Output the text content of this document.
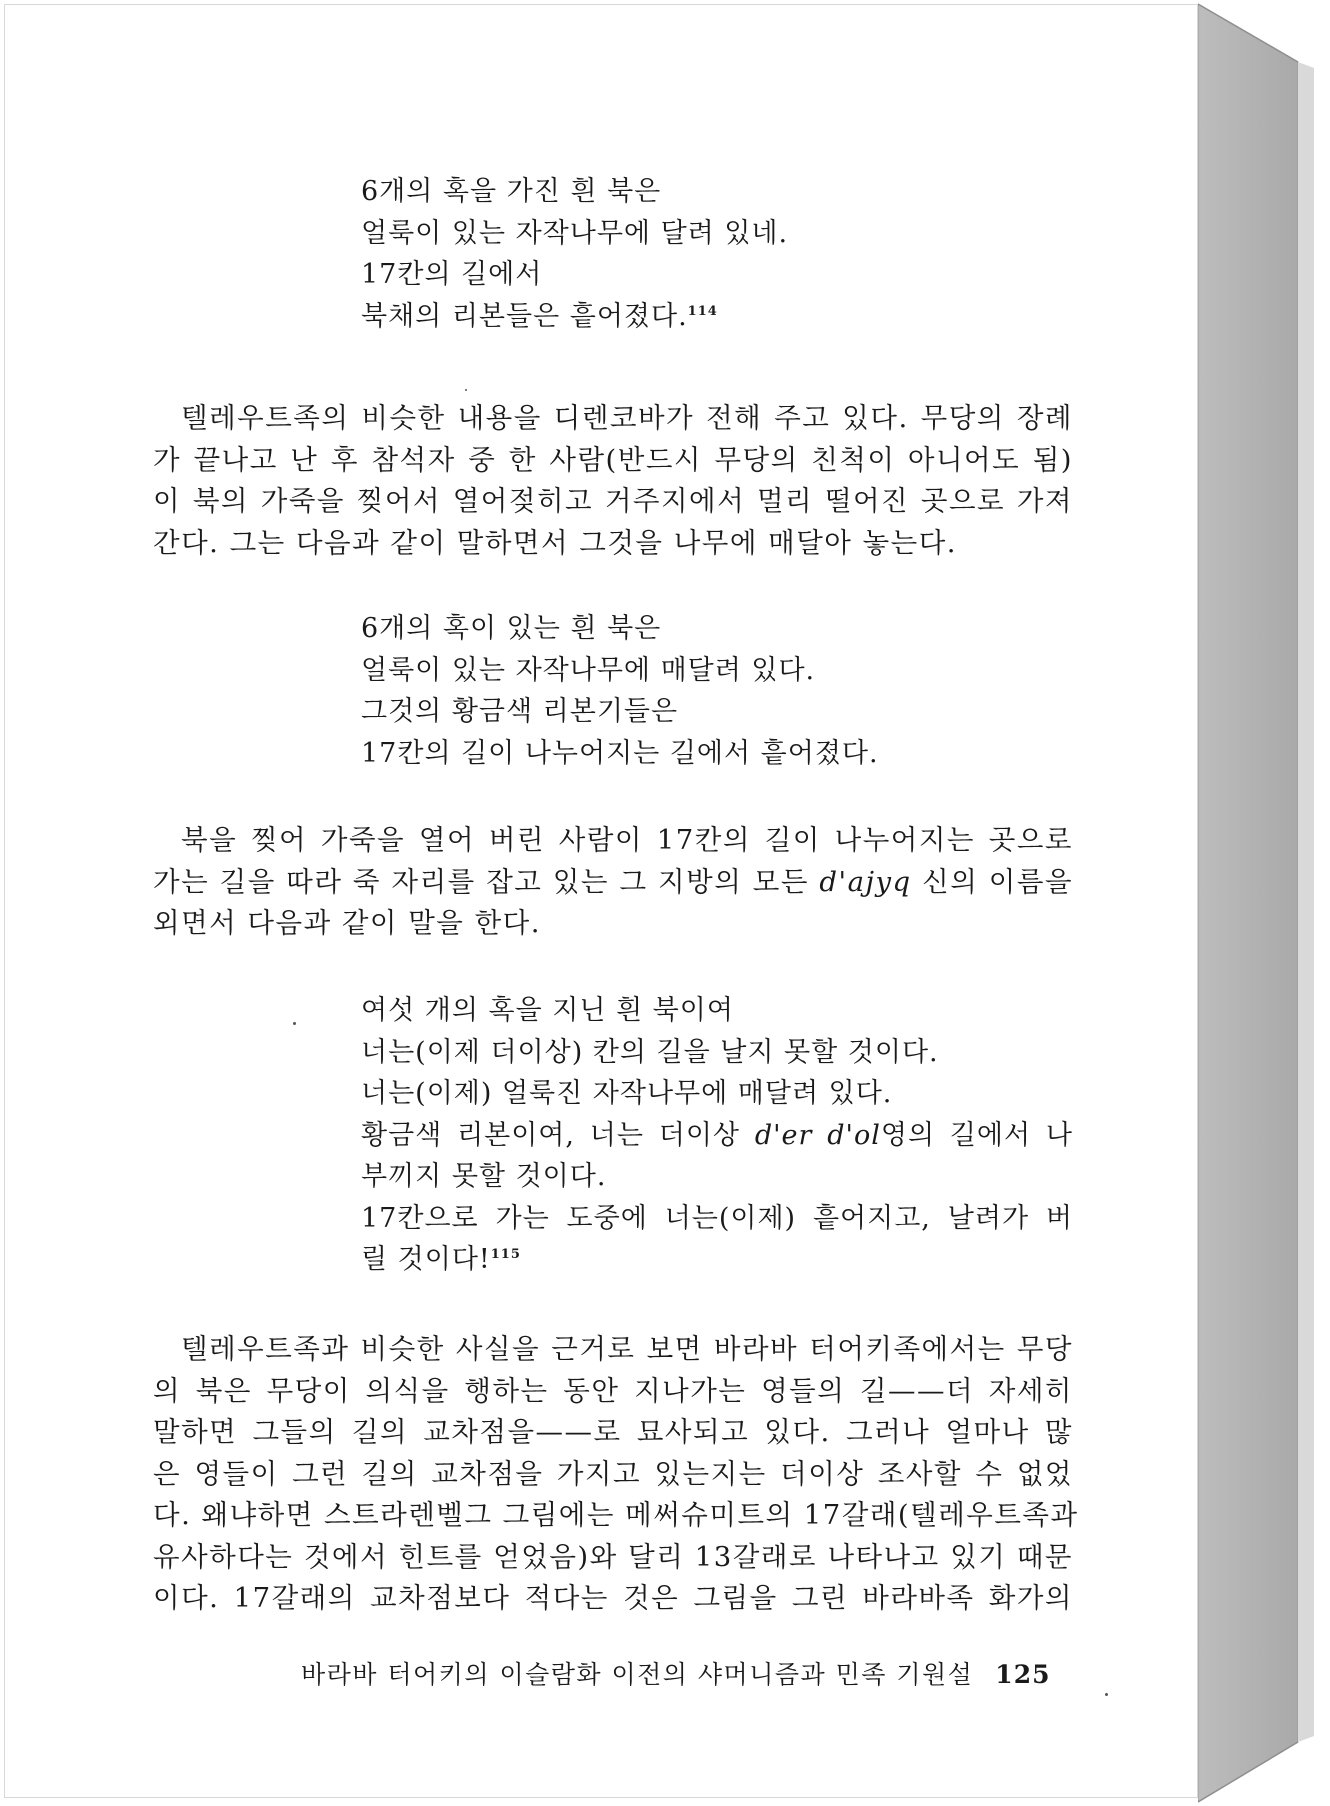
6개의 혹을 가진 흰 북은
얼룩이 있는 자작나무에 달려 있네.
17칸의 길에서
북채의 리본들은 흩어졌다.$^{114}$
텔레우트족의 비슷한 내용을 디렌코바가 전해 주고 있다. 무당의 장례
가 끝나고 난 후 참석자 중 한 사람(반드시 무당의 친척이 아니어도 됨)
이 북의 가죽을 찢어서 열어젖히고 거주지에서 멀리 떨어진 곳으로 가져
간다. 그는 다음과 같이 말하면서 그것을 나무에 매달아 놓는다.
6개의 혹이 있는 흰 북은
얼룩이 있는 자작나무에 매달려 있다.
그것의 황금색 리본기들은
17칸의 길이 나누어지는 길에서 흩어졌다.
북을 찢어 가죽을 열어 버린 사람이 17칸의 길이 나누어지는 곳으로
가는 길을 따라 죽 자리를 잡고 있는 그 지방의 모든 d'ajyq 신의 이름을
외면서 다음과 같이 말을 한다.
여섯 개의 혹을 지닌 흰 북이여
너는(이제 더이상) 칸의 길을 날지 못할 것이다.
너는(이제) 얼룩진 자작나무에 매달려 있다.
황금색 리본이여, 너는 더이상 d'er d'ol영의 길에서 나
부끼지 못할 것이다.
17칸으로 가는 도중에 너는(이제) 흩어지고, 날려가 버
릴 것이다!$^{115}$
텔레우트족과 비슷한 사실을 근거로 보면 바라바 터어키족에서는 무당
의 북은 무당이 의식을 행하는 동안 지나가는 영들의 길——더 자세히
말하면 그들의 길의 교차점을——로 묘사되고 있다. 그러나 얼마나 많
은 영들이 그런 길의 교차점을 가지고 있는지는 더이상 조사할 수 없었
다. 왜냐하면 스트라렌벨그 그림에는 메써슈미트의 17갈래(텔레우트족과
유사하다는 것에서 힌트를 얻었음)와 달리 13갈래로 나타나고 있기 때문
이다. 17갈래의 교차점보다 적다는 것은 그림을 그린 바라바족 화가의
바라바 터어키의 이슬람화 이전의 샤머니즘과 민족 기원설 125
